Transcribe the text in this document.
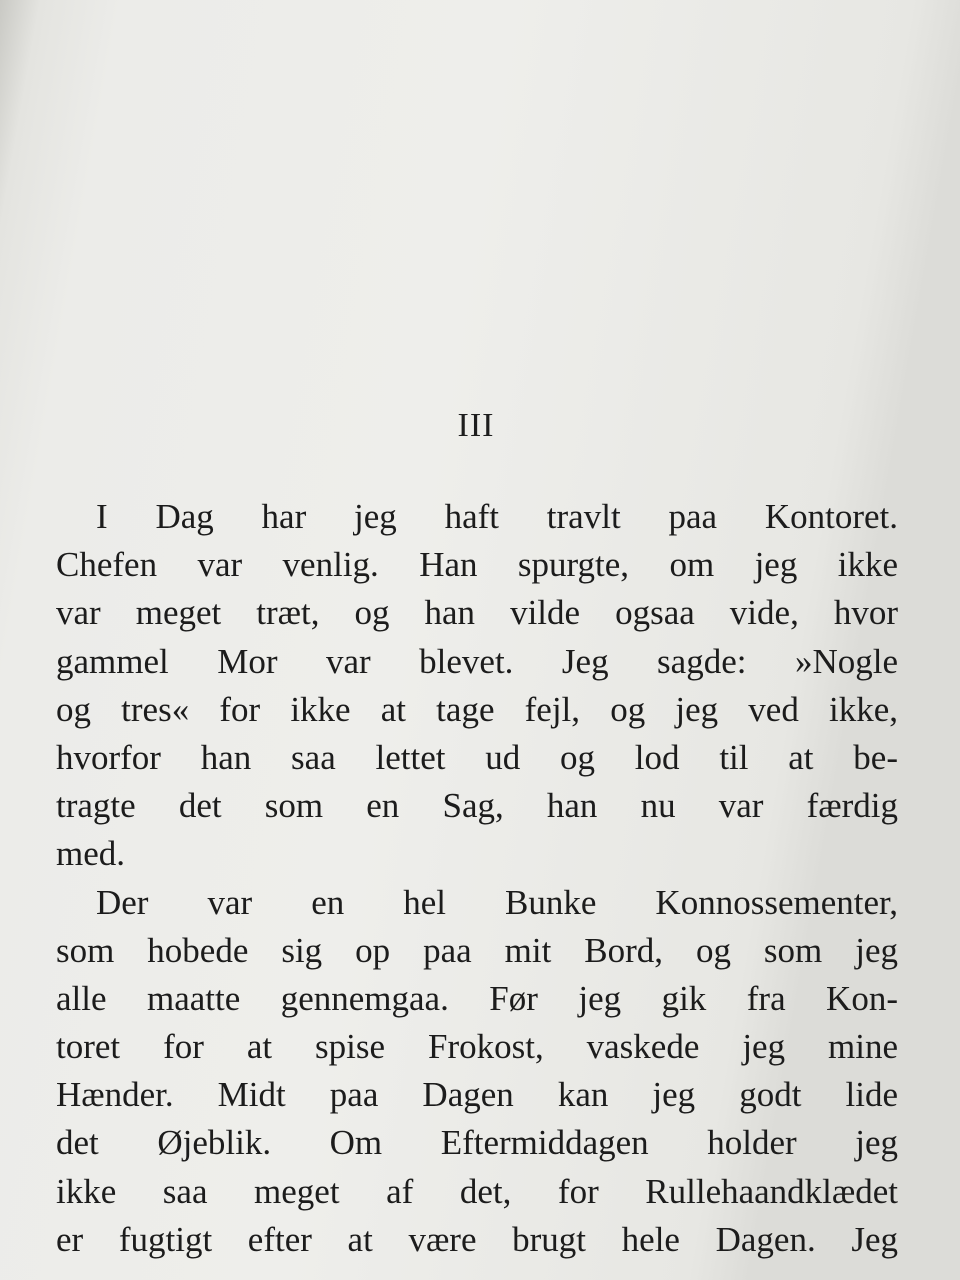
III
I Dag har jeg haft travlt paa Kontoret.
Chefen var venlig. Han spurgte, om jeg ikke
var meget træt, og han vilde ogsaa vide, hvor
gammel Mor var blevet. Jeg sagde: »Nogle
og tres« for ikke at tage fejl, og jeg ved ikke,
hvorfor han saa lettet ud og lod til at be-
tragte det som en Sag, han nu var færdig
med.
Der var en hel Bunke Konnossementer,
som hobede sig op paa mit Bord, og som jeg
alle maatte gennemgaa. Før jeg gik fra Kon-
toret for at spise Frokost, vaskede jeg mine
Hænder. Midt paa Dagen kan jeg godt lide
det Øjeblik. Om Eftermiddagen holder jeg
ikke saa meget af det, for Rullehaandklædet
er fugtigt efter at være brugt hele Dagen. Jeg
